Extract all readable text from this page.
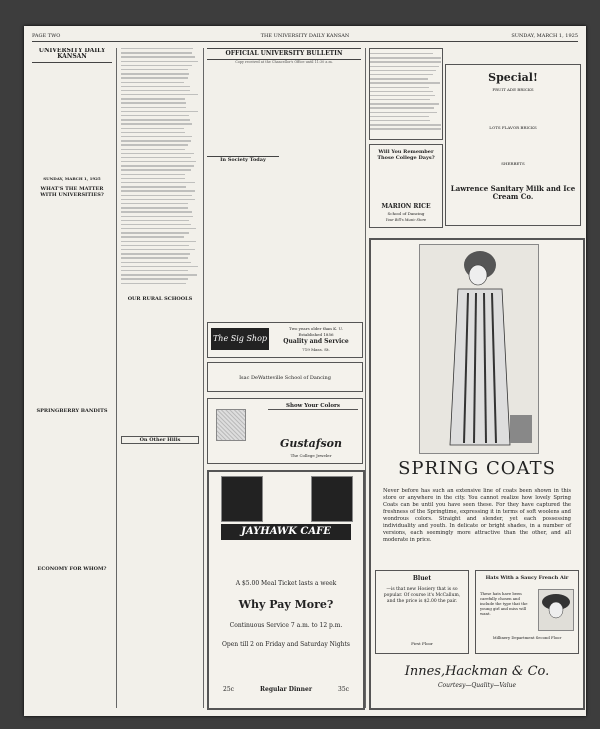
PAGE TWO	THE UNIVERSITY DAILY KANSAN	SUNDAY, MARCH 1, 1925
UNIVERSITY DAILY KANSAN
SUNDAY, MARCH 1, 1925
WHAT'S THE MATTER WITH UNIVERSITIES?
SPRINGBERRY BANDITS
ECONOMY FOR WHOM?
OUR RURAL SCHOOLS
On Other Hills
OFFICIAL UNIVERSITY BULLETIN
Copy received at the Chancellor's Office until 11:30 a.m.
In Society Today
The Sig Shop
Two years older than K. U.
Established 1856
Quality and Service
719 Mass. St.
Isac DeWatteville School of Dancing
Show Your Colors
Gustafson
The College Jeweler
JAYHAWK CAFE
A $5.00 Meal Ticket lasts a week
Why Pay More?
Continuous Service 7 a.m. to 12 p.m.
Open till 2 on Friday and Saturday Nights
25c	Regular Dinner	35c
Will You Remember Those College Days?
MARION RICE
School of Dancing
Your Bill's Music Store
Special!
FRUIT ADE BRICKS
LOTS FLAVOR BRICKS
SHERBETS
Lawrence Sanitary Milk and Ice Cream Co.
SPRING COATS
Never before has such an extensive line of coats been shown in this store or anywhere in the city. You cannot realize how lovely Spring Coats can be until you have seen these. For they have captured the freshness of the Springtime, expressing it in terms of soft woolens and wondrous colors. Straight and slender, yet each possessing individuality and youth. In delicate or bright shades, in a number of versions, each seemingly more attractive than the other, and all moderate in price.
Bluet
—is that new Hosiery that is so popular. Of course it's McCallum, and the price is $2.00 the pair.
First Floor
Hats With a Saucy French Air
These hats have been carefully chosen and include the type that the young girl and miss will want.
Millinery Department Second Floor
Innes,Hackman & Co.
Courtesy—Quality—Value
